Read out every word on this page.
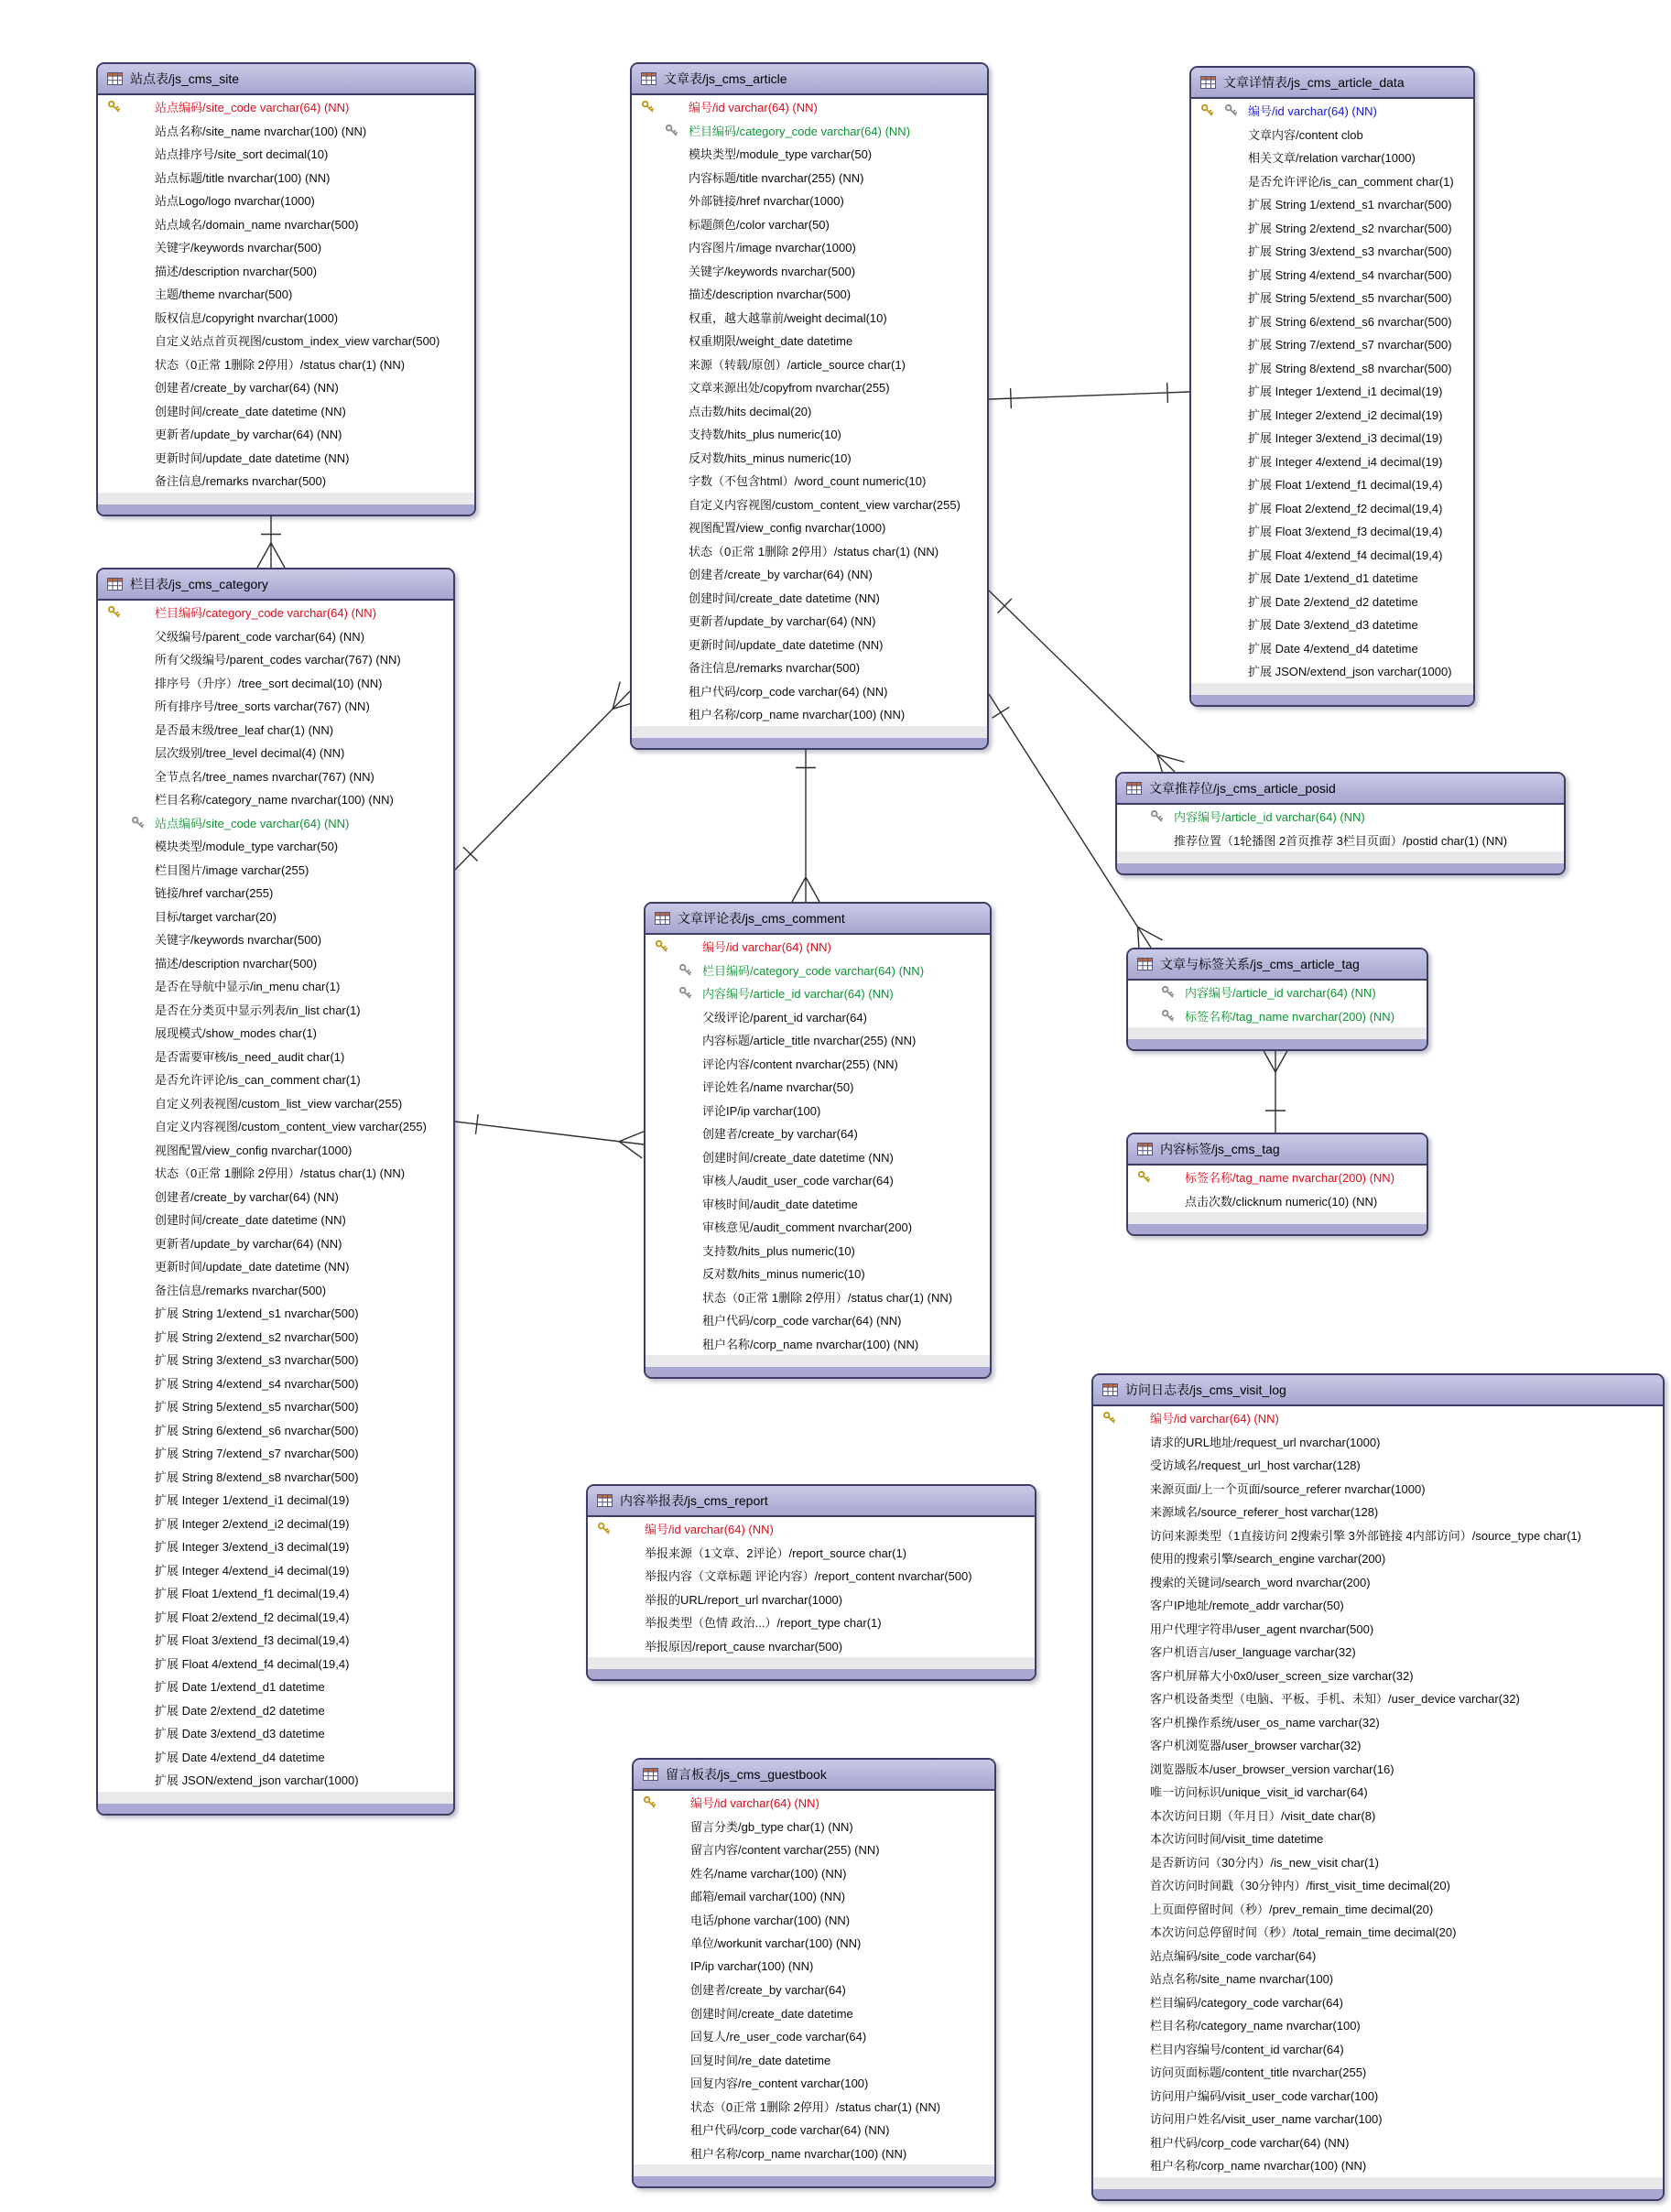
站点表/js_cms_site
站点编码/site_code varchar(64) (NN)
站点名称/site_name nvarchar(100) (NN)
站点排序号/site_sort decimal(10)
站点标题/title nvarchar(100) (NN)
站点Logo/logo nvarchar(1000)
站点域名/domain_name nvarchar(500)
关键字/keywords nvarchar(500)
描述/description nvarchar(500)
主题/theme nvarchar(500)
版权信息/copyright nvarchar(1000)
自定义站点首页视图/custom_index_view varchar(500)
状态（0正常 1删除 2停用）/status char(1) (NN)
创建者/create_by varchar(64) (NN)
创建时间/create_date datetime (NN)
更新者/update_by varchar(64) (NN)
更新时间/update_date datetime (NN)
备注信息/remarks nvarchar(500)
文章表/js_cms_article
编号/id varchar(64) (NN)
栏目编码/category_code varchar(64) (NN)
模块类型/module_type varchar(50)
内容标题/title nvarchar(255) (NN)
外部链接/href nvarchar(1000)
标题颜色/color varchar(50)
内容图片/image nvarchar(1000)
关键字/keywords nvarchar(500)
描述/description nvarchar(500)
权重，越大越靠前/weight decimal(10)
权重期限/weight_date datetime
来源（转载/原创）/article_source char(1)
文章来源出处/copyfrom nvarchar(255)
点击数/hits decimal(20)
支持数/hits_plus numeric(10)
反对数/hits_minus numeric(10)
字数（不包含html）/word_count numeric(10)
自定义内容视图/custom_content_view varchar(255)
视图配置/view_config nvarchar(1000)
状态（0正常 1删除 2停用）/status char(1) (NN)
创建者/create_by varchar(64) (NN)
创建时间/create_date datetime (NN)
更新者/update_by varchar(64) (NN)
更新时间/update_date datetime (NN)
备注信息/remarks nvarchar(500)
租户代码/corp_code varchar(64) (NN)
租户名称/corp_name nvarchar(100) (NN)
文章详情表/js_cms_article_data
编号/id varchar(64) (NN)
文章内容/content clob
相关文章/relation varchar(1000)
是否允许评论/is_can_comment char(1)
扩展 String 1/extend_s1 nvarchar(500)
扩展 String 2/extend_s2 nvarchar(500)
扩展 String 3/extend_s3 nvarchar(500)
扩展 String 4/extend_s4 nvarchar(500)
扩展 String 5/extend_s5 nvarchar(500)
扩展 String 6/extend_s6 nvarchar(500)
扩展 String 7/extend_s7 nvarchar(500)
扩展 String 8/extend_s8 nvarchar(500)
扩展 Integer 1/extend_i1 decimal(19)
扩展 Integer 2/extend_i2 decimal(19)
扩展 Integer 3/extend_i3 decimal(19)
扩展 Integer 4/extend_i4 decimal(19)
扩展 Float 1/extend_f1 decimal(19,4)
扩展 Float 2/extend_f2 decimal(19,4)
扩展 Float 3/extend_f3 decimal(19,4)
扩展 Float 4/extend_f4 decimal(19,4)
扩展 Date 1/extend_d1 datetime
扩展 Date 2/extend_d2 datetime
扩展 Date 3/extend_d3 datetime
扩展 Date 4/extend_d4 datetime
扩展 JSON/extend_json varchar(1000)
栏目表/js_cms_category
栏目编码/category_code varchar(64) (NN)
父级编号/parent_code varchar(64) (NN)
所有父级编号/parent_codes varchar(767) (NN)
排序号（升序）/tree_sort decimal(10) (NN)
所有排序号/tree_sorts varchar(767) (NN)
是否最末级/tree_leaf char(1) (NN)
层次级别/tree_level decimal(4) (NN)
全节点名/tree_names nvarchar(767) (NN)
栏目名称/category_name nvarchar(100) (NN)
站点编码/site_code varchar(64) (NN)
模块类型/module_type varchar(50)
栏目图片/image varchar(255)
链接/href varchar(255)
目标/target varchar(20)
关键字/keywords nvarchar(500)
描述/description nvarchar(500)
是否在导航中显示/in_menu char(1)
是否在分类页中显示列表/in_list char(1)
展现模式/show_modes char(1)
是否需要审核/is_need_audit char(1)
是否允许评论/is_can_comment char(1)
自定义列表视图/custom_list_view varchar(255)
自定义内容视图/custom_content_view varchar(255)
视图配置/view_config nvarchar(1000)
状态（0正常 1删除 2停用）/status char(1) (NN)
创建者/create_by varchar(64) (NN)
创建时间/create_date datetime (NN)
更新者/update_by varchar(64) (NN)
更新时间/update_date datetime (NN)
备注信息/remarks nvarchar(500)
扩展 String 1/extend_s1 nvarchar(500)
扩展 String 2/extend_s2 nvarchar(500)
扩展 String 3/extend_s3 nvarchar(500)
扩展 String 4/extend_s4 nvarchar(500)
扩展 String 5/extend_s5 nvarchar(500)
扩展 String 6/extend_s6 nvarchar(500)
扩展 String 7/extend_s7 nvarchar(500)
扩展 String 8/extend_s8 nvarchar(500)
扩展 Integer 1/extend_i1 decimal(19)
扩展 Integer 2/extend_i2 decimal(19)
扩展 Integer 3/extend_i3 decimal(19)
扩展 Integer 4/extend_i4 decimal(19)
扩展 Float 1/extend_f1 decimal(19,4)
扩展 Float 2/extend_f2 decimal(19,4)
扩展 Float 3/extend_f3 decimal(19,4)
扩展 Float 4/extend_f4 decimal(19,4)
扩展 Date 1/extend_d1 datetime
扩展 Date 2/extend_d2 datetime
扩展 Date 3/extend_d3 datetime
扩展 Date 4/extend_d4 datetime
扩展 JSON/extend_json varchar(1000)
文章评论表/js_cms_comment
编号/id varchar(64) (NN)
栏目编码/category_code varchar(64) (NN)
内容编号/article_id varchar(64) (NN)
父级评论/parent_id varchar(64)
内容标题/article_title nvarchar(255) (NN)
评论内容/content nvarchar(255) (NN)
评论姓名/name nvarchar(50)
评论IP/ip varchar(100)
创建者/create_by varchar(64)
创建时间/create_date datetime (NN)
审核人/audit_user_code varchar(64)
审核时间/audit_date datetime
审核意见/audit_comment nvarchar(200)
支持数/hits_plus numeric(10)
反对数/hits_minus numeric(10)
状态（0正常 1删除 2停用）/status char(1) (NN)
租户代码/corp_code varchar(64) (NN)
租户名称/corp_name nvarchar(100) (NN)
文章推荐位/js_cms_article_posid
内容编号/article_id varchar(64) (NN)
推荐位置（1轮播图 2首页推荐 3栏目页面）/postid char(1) (NN)
文章与标签关系/js_cms_article_tag
内容编号/article_id varchar(64) (NN)
标签名称/tag_name nvarchar(200) (NN)
内容标签/js_cms_tag
标签名称/tag_name nvarchar(200) (NN)
点击次数/clicknum numeric(10) (NN)
内容举报表/js_cms_report
编号/id varchar(64) (NN)
举报来源（1文章、2评论）/report_source char(1)
举报内容（文章标题 评论内容）/report_content nvarchar(500)
举报的URL/report_url nvarchar(1000)
举报类型（色情 政治...）/report_type char(1)
举报原因/report_cause nvarchar(500)
留言板表/js_cms_guestbook
编号/id varchar(64) (NN)
留言分类/gb_type char(1) (NN)
留言内容/content varchar(255) (NN)
姓名/name varchar(100) (NN)
邮箱/email varchar(100) (NN)
电话/phone varchar(100) (NN)
单位/workunit varchar(100) (NN)
IP/ip varchar(100) (NN)
创建者/create_by varchar(64)
创建时间/create_date datetime
回复人/re_user_code varchar(64)
回复时间/re_date datetime
回复内容/re_content varchar(100)
状态（0正常 1删除 2停用）/status char(1) (NN)
租户代码/corp_code varchar(64) (NN)
租户名称/corp_name nvarchar(100) (NN)
访问日志表/js_cms_visit_log
编号/id varchar(64) (NN)
请求的URL地址/request_url nvarchar(1000)
受访域名/request_url_host varchar(128)
来源页面/上一个页面/source_referer nvarchar(1000)
来源域名/source_referer_host varchar(128)
访问来源类型（1直接访问 2搜索引擎 3外部链接 4内部访问）/source_type char(1)
使用的搜索引擎/search_engine varchar(200)
搜索的关键词/search_word nvarchar(200)
客户IP地址/remote_addr varchar(50)
用户代理字符串/user_agent nvarchar(500)
客户机语言/user_language varchar(32)
客户机屏幕大小0x0/user_screen_size varchar(32)
客户机设备类型（电脑、平板、手机、未知）/user_device varchar(32)
客户机操作系统/user_os_name varchar(32)
客户机浏览器/user_browser varchar(32)
浏览器版本/user_browser_version varchar(16)
唯一访问标识/unique_visit_id varchar(64)
本次访问日期（年月日）/visit_date char(8)
本次访问时间/visit_time datetime
是否新访问（30分内）/is_new_visit char(1)
首次访问时间戳（30分钟内）/first_visit_time decimal(20)
上页面停留时间（秒）/prev_remain_time decimal(20)
本次访问总停留时间（秒）/total_remain_time decimal(20)
站点编码/site_code varchar(64)
站点名称/site_name nvarchar(100)
栏目编码/category_code varchar(64)
栏目名称/category_name nvarchar(100)
栏目内容编号/content_id varchar(64)
访问页面标题/content_title nvarchar(255)
访问用户编码/visit_user_code varchar(100)
访问用户姓名/visit_user_name varchar(100)
租户代码/corp_code varchar(64) (NN)
租户名称/corp_name nvarchar(100) (NN)
